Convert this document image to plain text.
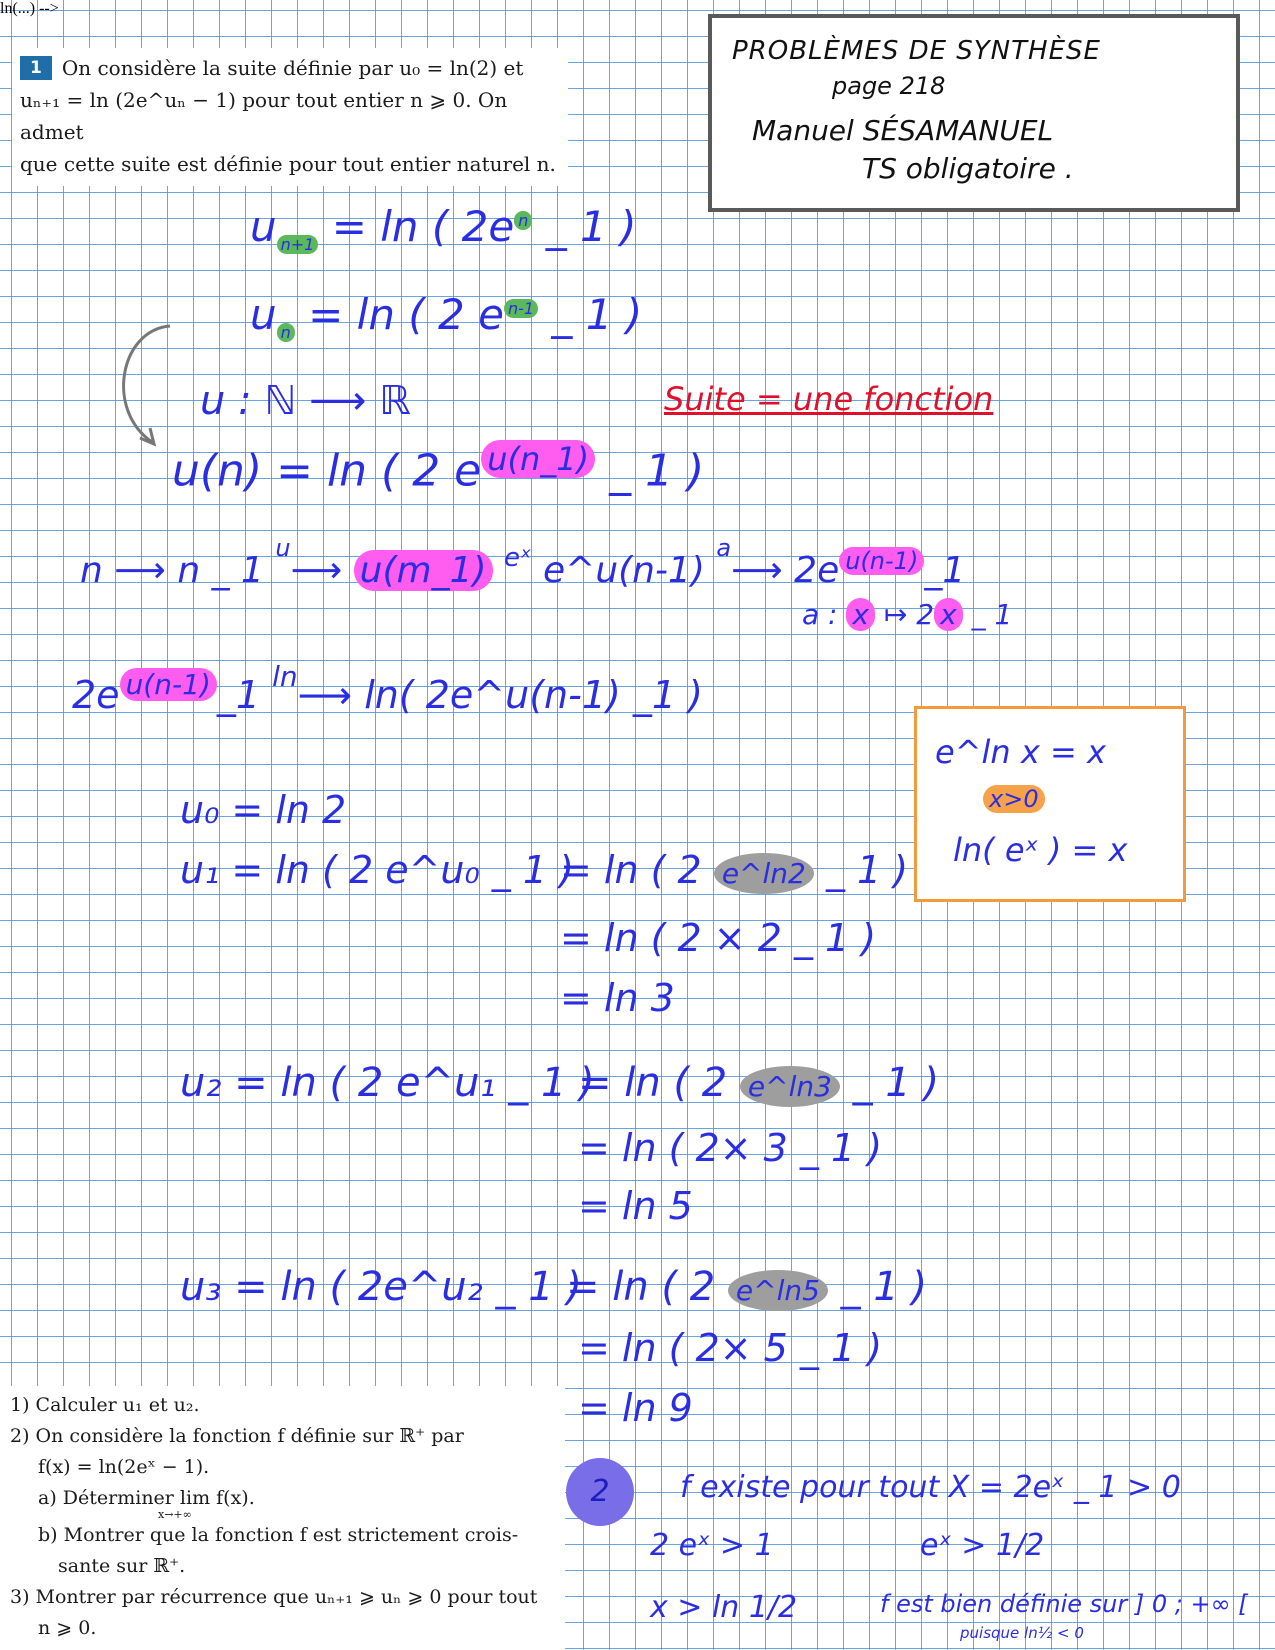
1 On considère la suite définie par u₀ = ln(2) et
uₙ₊₁ = ln (2e^uₙ − 1) pour tout entier n ⩾ 0. On admet
que cette suite est définie pour tout entier naturel n.
PROBLÈMES DE SYNTHÈSE
page 218
Manuel SÉSAMANUEL
TS obligatoire .
u $_{n+1}$ = ln ( 2e $^n$ _ 1 )
u $_n$ = ln ( 2 e $^{n-1}$ _ 1 )
u : ℕ ⟶ ℝ	Suite = une fonction
u(n) = ln ( 2 e $^{u(n\_1)}$ _ 1 )
n ⟶ n _ 1 $^u$⟶ u(m_1) $^{eˣ}$ e^u(n-1) $^a$⟶ 2e $^{u(n-1)}$ _1
a : x ↦ 2 x _ 1
ln(...) -->
2e $^{u(n-1)}$ _1 $^{ln}$⟶ ln( 2e^u(n-1) _1 )
e^ln x = x
x>0
ln( eˣ ) = x
u₀ = ln 2
u₁ = ln ( 2 e^u₀ _ 1 )
= ln ( 2 e^ln2 _ 1 )
= ln ( 2 × 2 _ 1 )
= ln 3
u₂ = ln ( 2 e^u₁ _ 1 )
= ln ( 2 e^ln3 _ 1 )
= ln ( 2× 3 _ 1 )
= ln 5
u₃ = ln ( 2e^u₂ _ 1 )
= ln ( 2 e^ln5 _ 1 )
= ln ( 2× 5 _ 1 )
= ln 9
2	f existe pour tout X = 2eˣ _ 1 > 0
2 eˣ > 1	eˣ > 1/2
x > ln 1/2	f est bien définie sur ] 0 ; +∞ [
puisque ln½ < 0
1) Calculer u₁ et u₂.
2) On considère la fonction f définie sur ℝ⁺ par
f(x) = ln(2eˣ − 1).
a) Déterminer lim f(x).
x→+∞
b) Montrer que la fonction f est strictement crois-
sante sur ℝ⁺.
3) Montrer par récurrence que uₙ₊₁ ⩾ uₙ ⩾ 0 pour tout
n ⩾ 0.
